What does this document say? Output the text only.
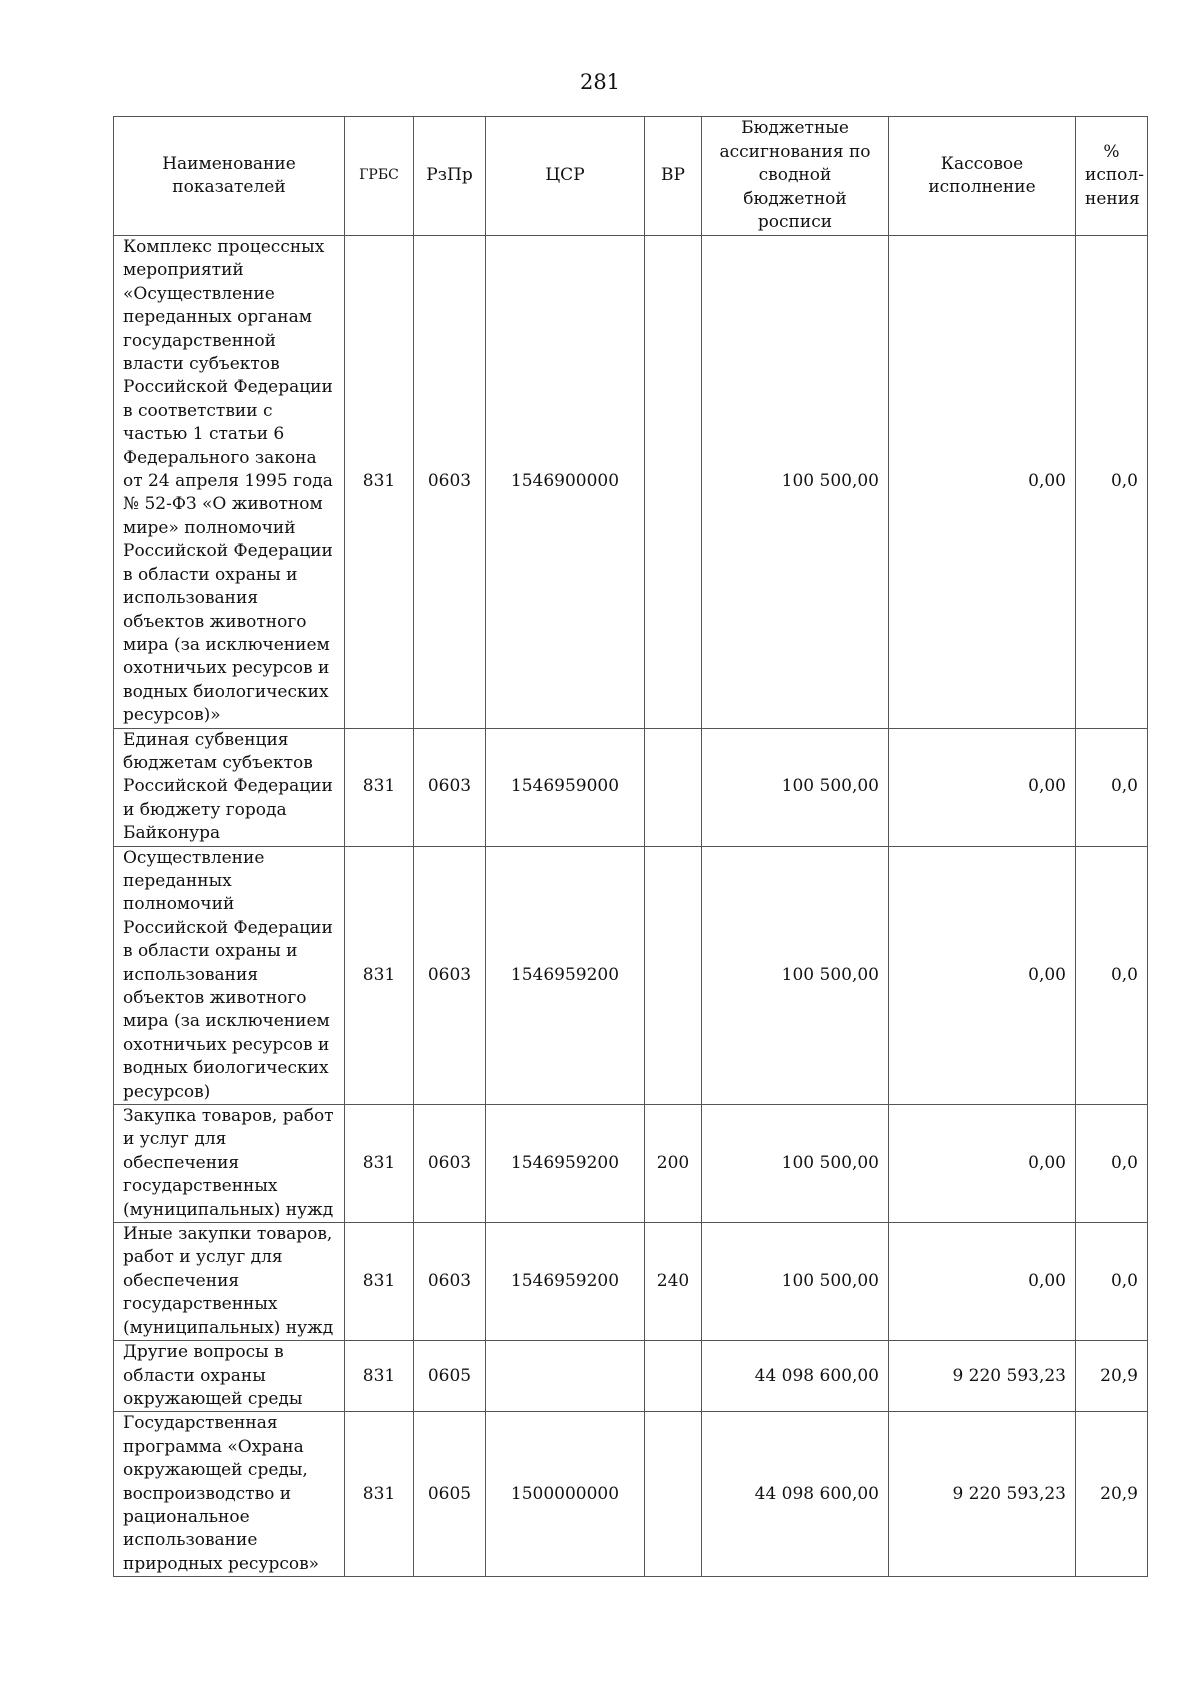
281
Наименование показателей	ГРБС	РзПр	ЦСР	ВР	Бюджетные ассигнования по сводной бюджетной росписи	Кассовое исполнение	% испол-нения
Комплекс процессных мероприятий «Осуществление переданных органам государственной власти субъектов Российской Федерации в соответствии с частью 1 статьи 6 Федерального закона от 24 апреля 1995 года № 52-ФЗ «О животном мире» полномочий Российской Федерации в области охраны и использования объектов животного мира (за исключением охотничьих ресурсов и водных биологических ресурсов)»	831	0603	1546900000		100 500,00	0,00	0,0
Единая субвенция бюджетам субъектов Российской Федерации и бюджету города Байконура	831	0603	1546959000		100 500,00	0,00	0,0
Осуществление переданных полномочий Российской Федерации в области охраны и использования объектов животного мира (за исключением охотничьих ресурсов и водных биологических ресурсов)	831	0603	1546959200		100 500,00	0,00	0,0
Закупка товаров, работ и услуг для обеспечения государственных (муниципальных) нужд	831	0603	1546959200	200	100 500,00	0,00	0,0
Иные закупки товаров, работ и услуг для обеспечения государственных (муниципальных) нужд	831	0603	1546959200	240	100 500,00	0,00	0,0
Другие вопросы в области охраны окружающей среды	831	0605			44 098 600,00	9 220 593,23	20,9
Государственная программа «Охрана окружающей среды, воспроизводство и рациональное использование природных ресурсов»	831	0605	1500000000		44 098 600,00	9 220 593,23	20,9
